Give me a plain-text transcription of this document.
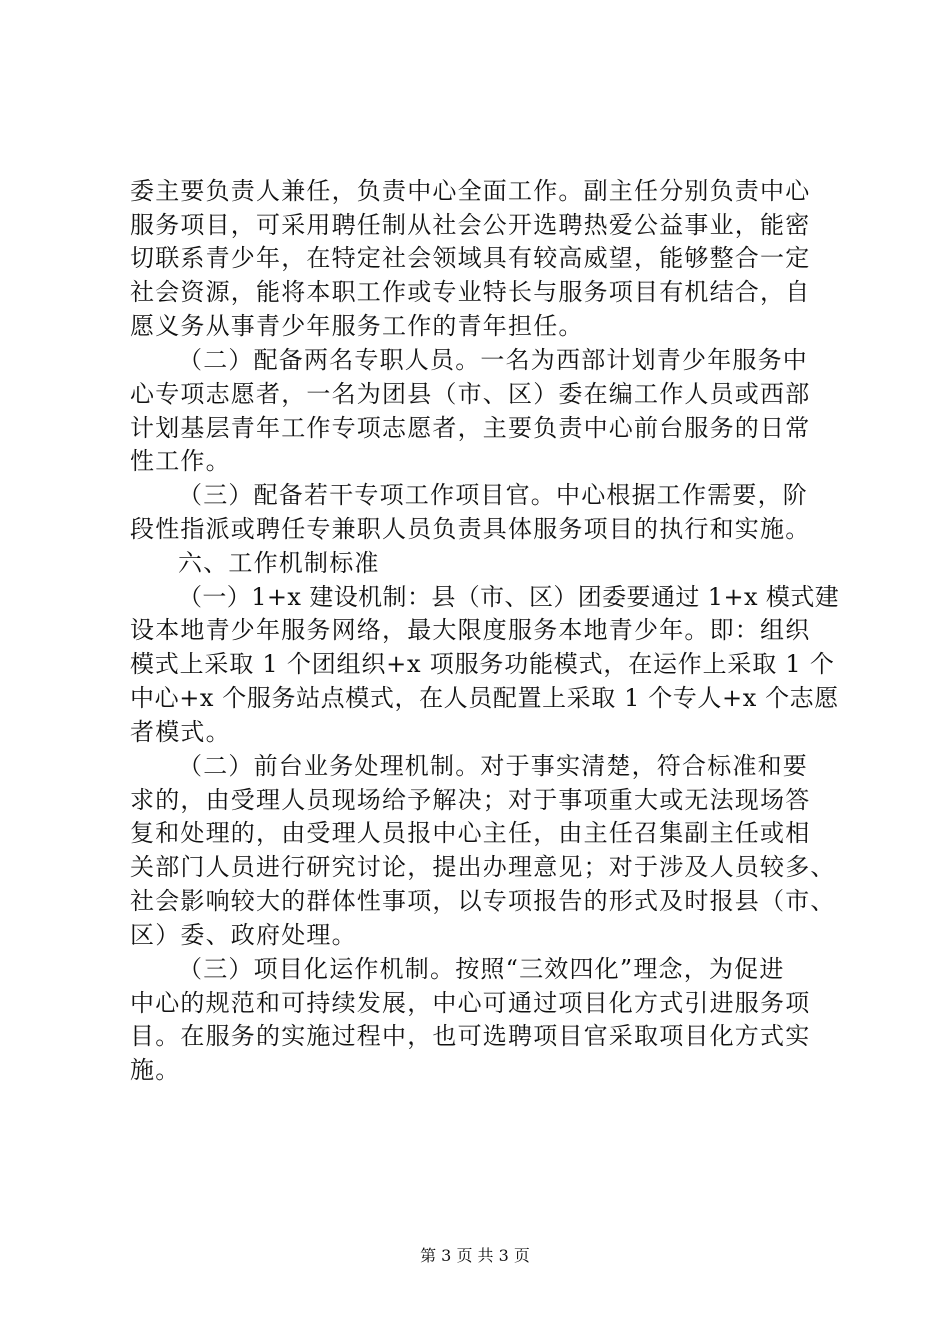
委主要负责人兼任，负责中心全面工作。副主任分别负责中心
服务项目，可采用聘任制从社会公开选聘热爱公益事业，能密
切联系青少年，在特定社会领域具有较高威望，能够整合一定
社会资源，能将本职工作或专业特长与服务项目有机结合，自
愿义务从事青少年服务工作的青年担任。
（二）配备两名专职人员。一名为西部计划青少年服务中
心专项志愿者，一名为团县（市、区）委在编工作人员或西部
计划基层青年工作专项志愿者，主要负责中心前台服务的日常
性工作。
（三）配备若干专项工作项目官。中心根据工作需要，阶
段性指派或聘任专兼职人员负责具体服务项目的执行和实施。
六、工作机制标准
（一）1+x 建设机制：县（市、区）团委要通过 1+x 模式建
设本地青少年服务网络，最大限度服务本地青少年。即：组织
模式上采取 1 个团组织+x 项服务功能模式，在运作上采取 1 个
中心+x 个服务站点模式，在人员配置上采取 1 个专人+x 个志愿
者模式。
（二）前台业务处理机制。对于事实清楚，符合标准和要
求的，由受理人员现场给予解决；对于事项重大或无法现场答
复和处理的，由受理人员报中心主任，由主任召集副主任或相
关部门人员进行研究讨论，提出办理意见；对于涉及人员较多、
社会影响较大的群体性事项，以专项报告的形式及时报县（市、
区）委、政府处理。
（三）项目化运作机制。按照“三效四化”理念，为促进
中心的规范和可持续发展，中心可通过项目化方式引进服务项
目。在服务的实施过程中，也可选聘项目官采取项目化方式实
施。
第 3 页 共 3 页
